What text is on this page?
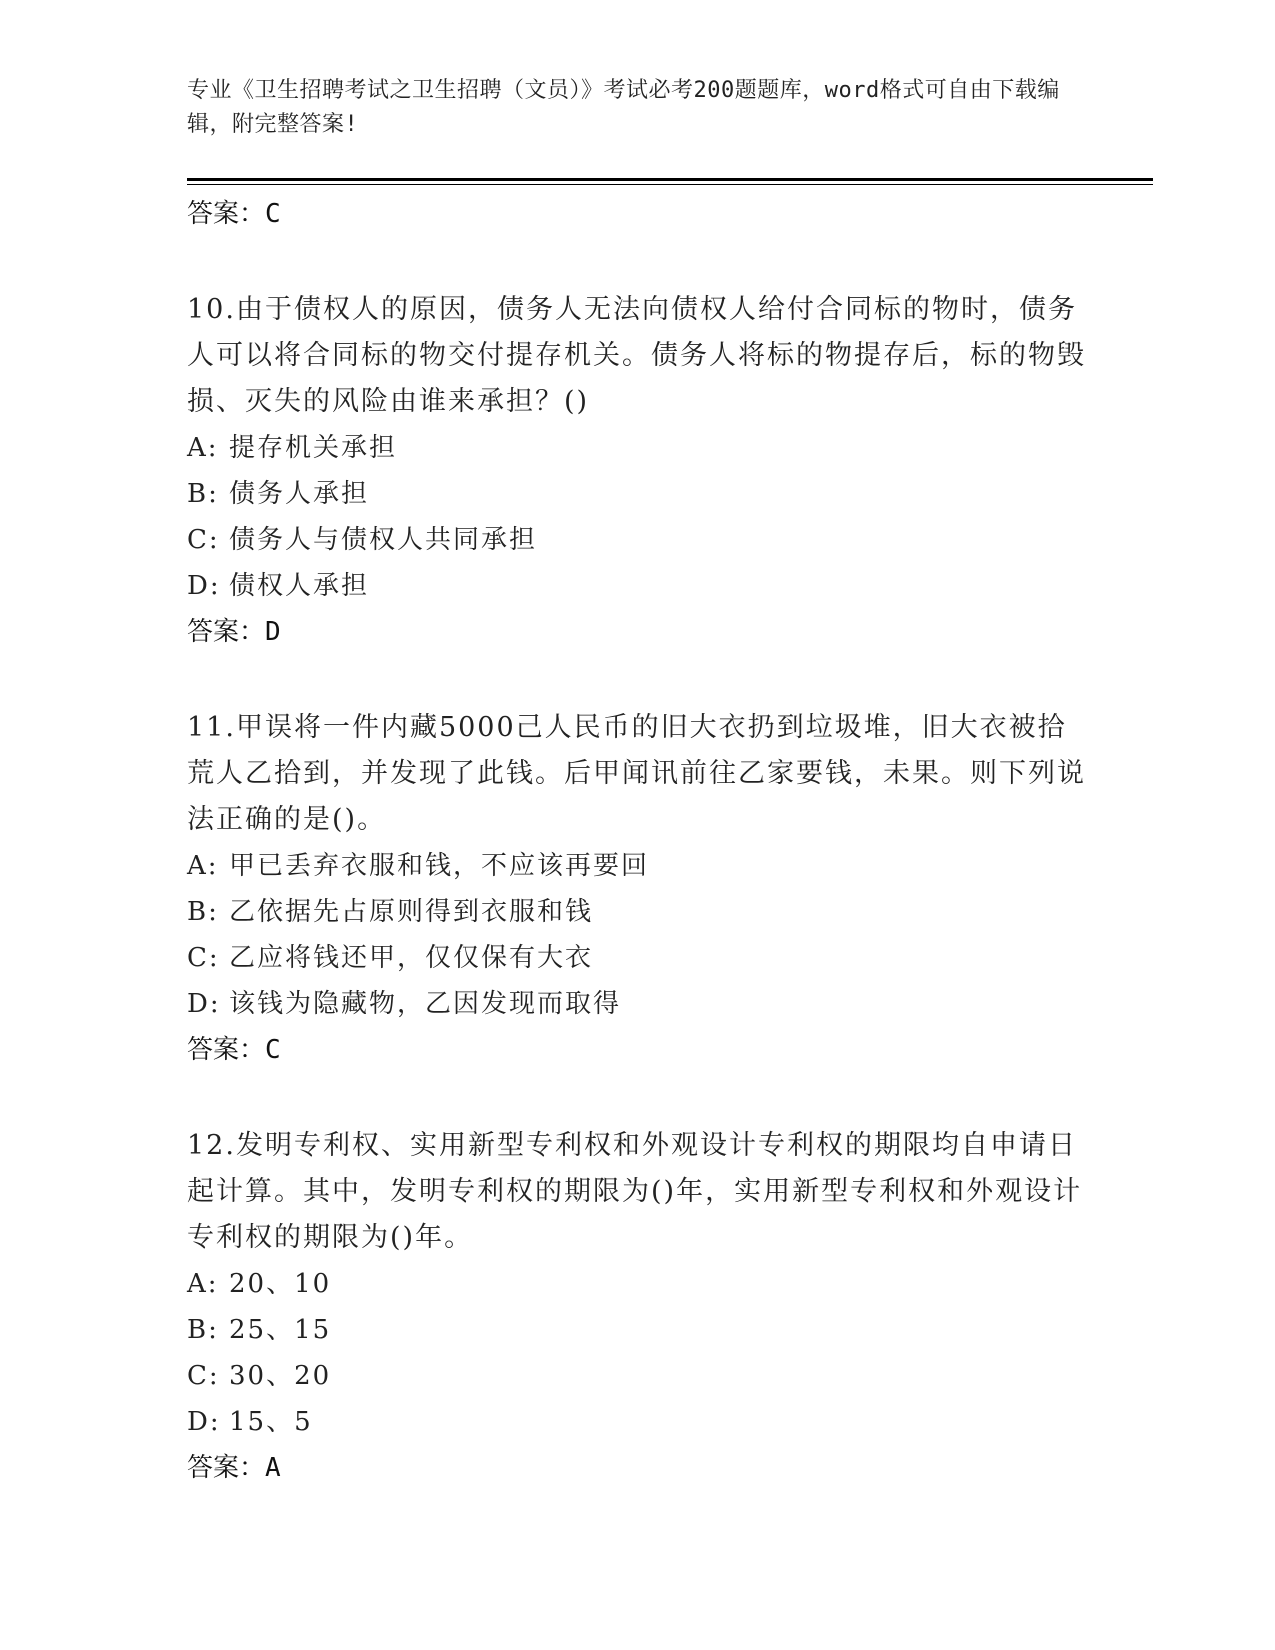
专业《卫生招聘考试之卫生招聘（文员）》考试必考200题题库，word格式可自由下载编辑，附完整答案!
答案：C

10.由于债权人的原因，债务人无法向债权人给付合同标的物时，债务人可以将合同标的物交付提存机关。债务人将标的物提存后，标的物毁损、灭失的风险由谁来承担？()

A: 提存机关承担
B: 债务人承担
C: 债务人与债权人共同承担
D: 债权人承担
答案：D

11.甲误将一件内藏5000己人民币的旧大衣扔到垃圾堆，旧大衣被拾荒人乙拾到，并发现了此钱。后甲闻讯前往乙家要钱，未果。则下列说法正确的是()。

A: 甲已丢弃衣服和钱，不应该再要回
B: 乙依据先占原则得到衣服和钱
C: 乙应将钱还甲，仅仅保有大衣
D: 该钱为隐藏物，乙因发现而取得
答案：C

12.发明专利权、实用新型专利权和外观设计专利权的期限均自申请日起计算。其中，发明专利权的期限为()年，实用新型专利权和外观设计专利权的期限为()年。

A: 20、10
B: 25、15
C: 30、20
D: 15、5
答案：A
